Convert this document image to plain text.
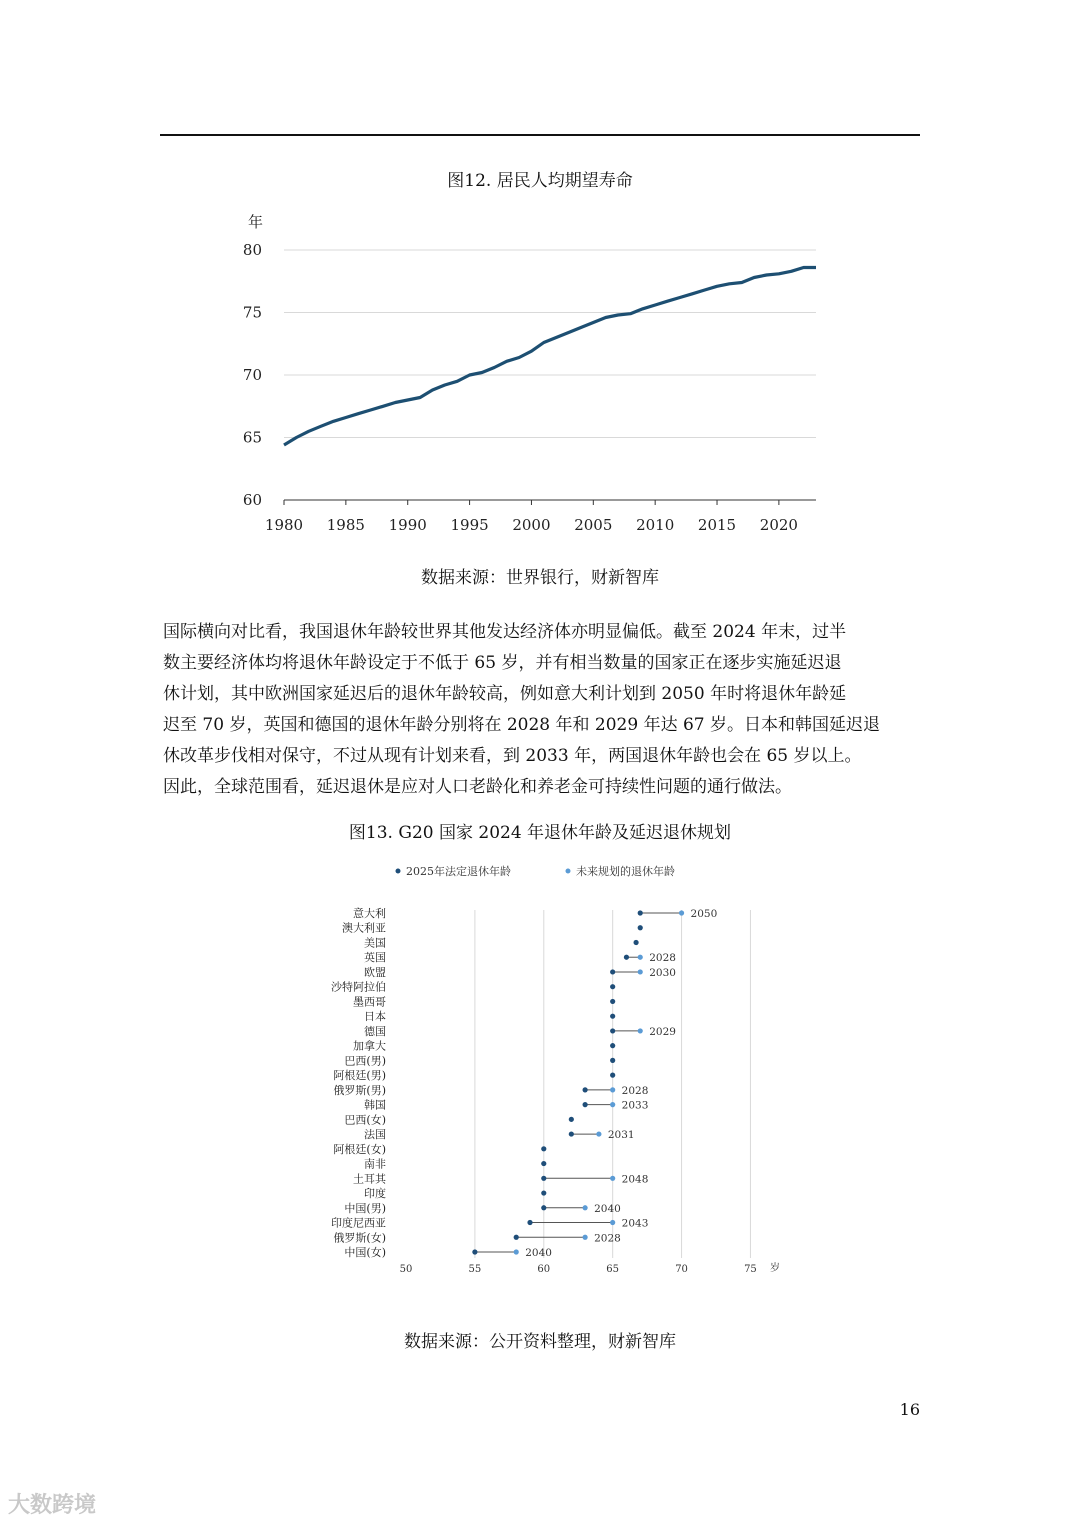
图12. 居民人均期望寿命
年
60
65
70
75
80
1980 1985 1990 1995 2000 2005 2010 2015 2020
数据来源：世界银行，财新智库
国际横向对比看，我国退休年龄较世界其他发达经济体亦明显偏低。截至 2024 年末，过半
数主要经济体均将退休年龄设定于不低于 65 岁，并有相当数量的国家正在逐步实施延迟退
休计划，其中欧洲国家延迟后的退休年龄较高，例如意大利计划到 2050 年时将退休年龄延
迟至 70 岁，英国和德国的退休年龄分别将在 2028 年和 2029 年达 67 岁。日本和韩国延迟退
休改革步伐相对保守，不过从现有计划来看，到 2033 年，两国退休年龄也会在 65 岁以上。
因此，全球范围看，延迟退休是应对人口老龄化和养老金可持续性问题的通行做法。
图13. G20 国家 2024 年退休年龄及延迟退休规划
2025年法定退休年龄	未来规划的退休年龄
50	55	60	65	70	75 岁
意大利	2050
澳大利亚
美国
英国	2028
欧盟	2030
沙特阿拉伯
墨西哥
日本
德国	2029
加拿大
巴西(男)
阿根廷(男)
俄罗斯(男)	2028
韩国	2033
巴西(女)
法国	2031
阿根廷(女)
南非
土耳其	2048
印度
中国(男)	2040
印度尼西亚	2043
俄罗斯(女)	2028
中国(女)	2040
数据来源：公开资料整理，财新智库
16
大数跨境
